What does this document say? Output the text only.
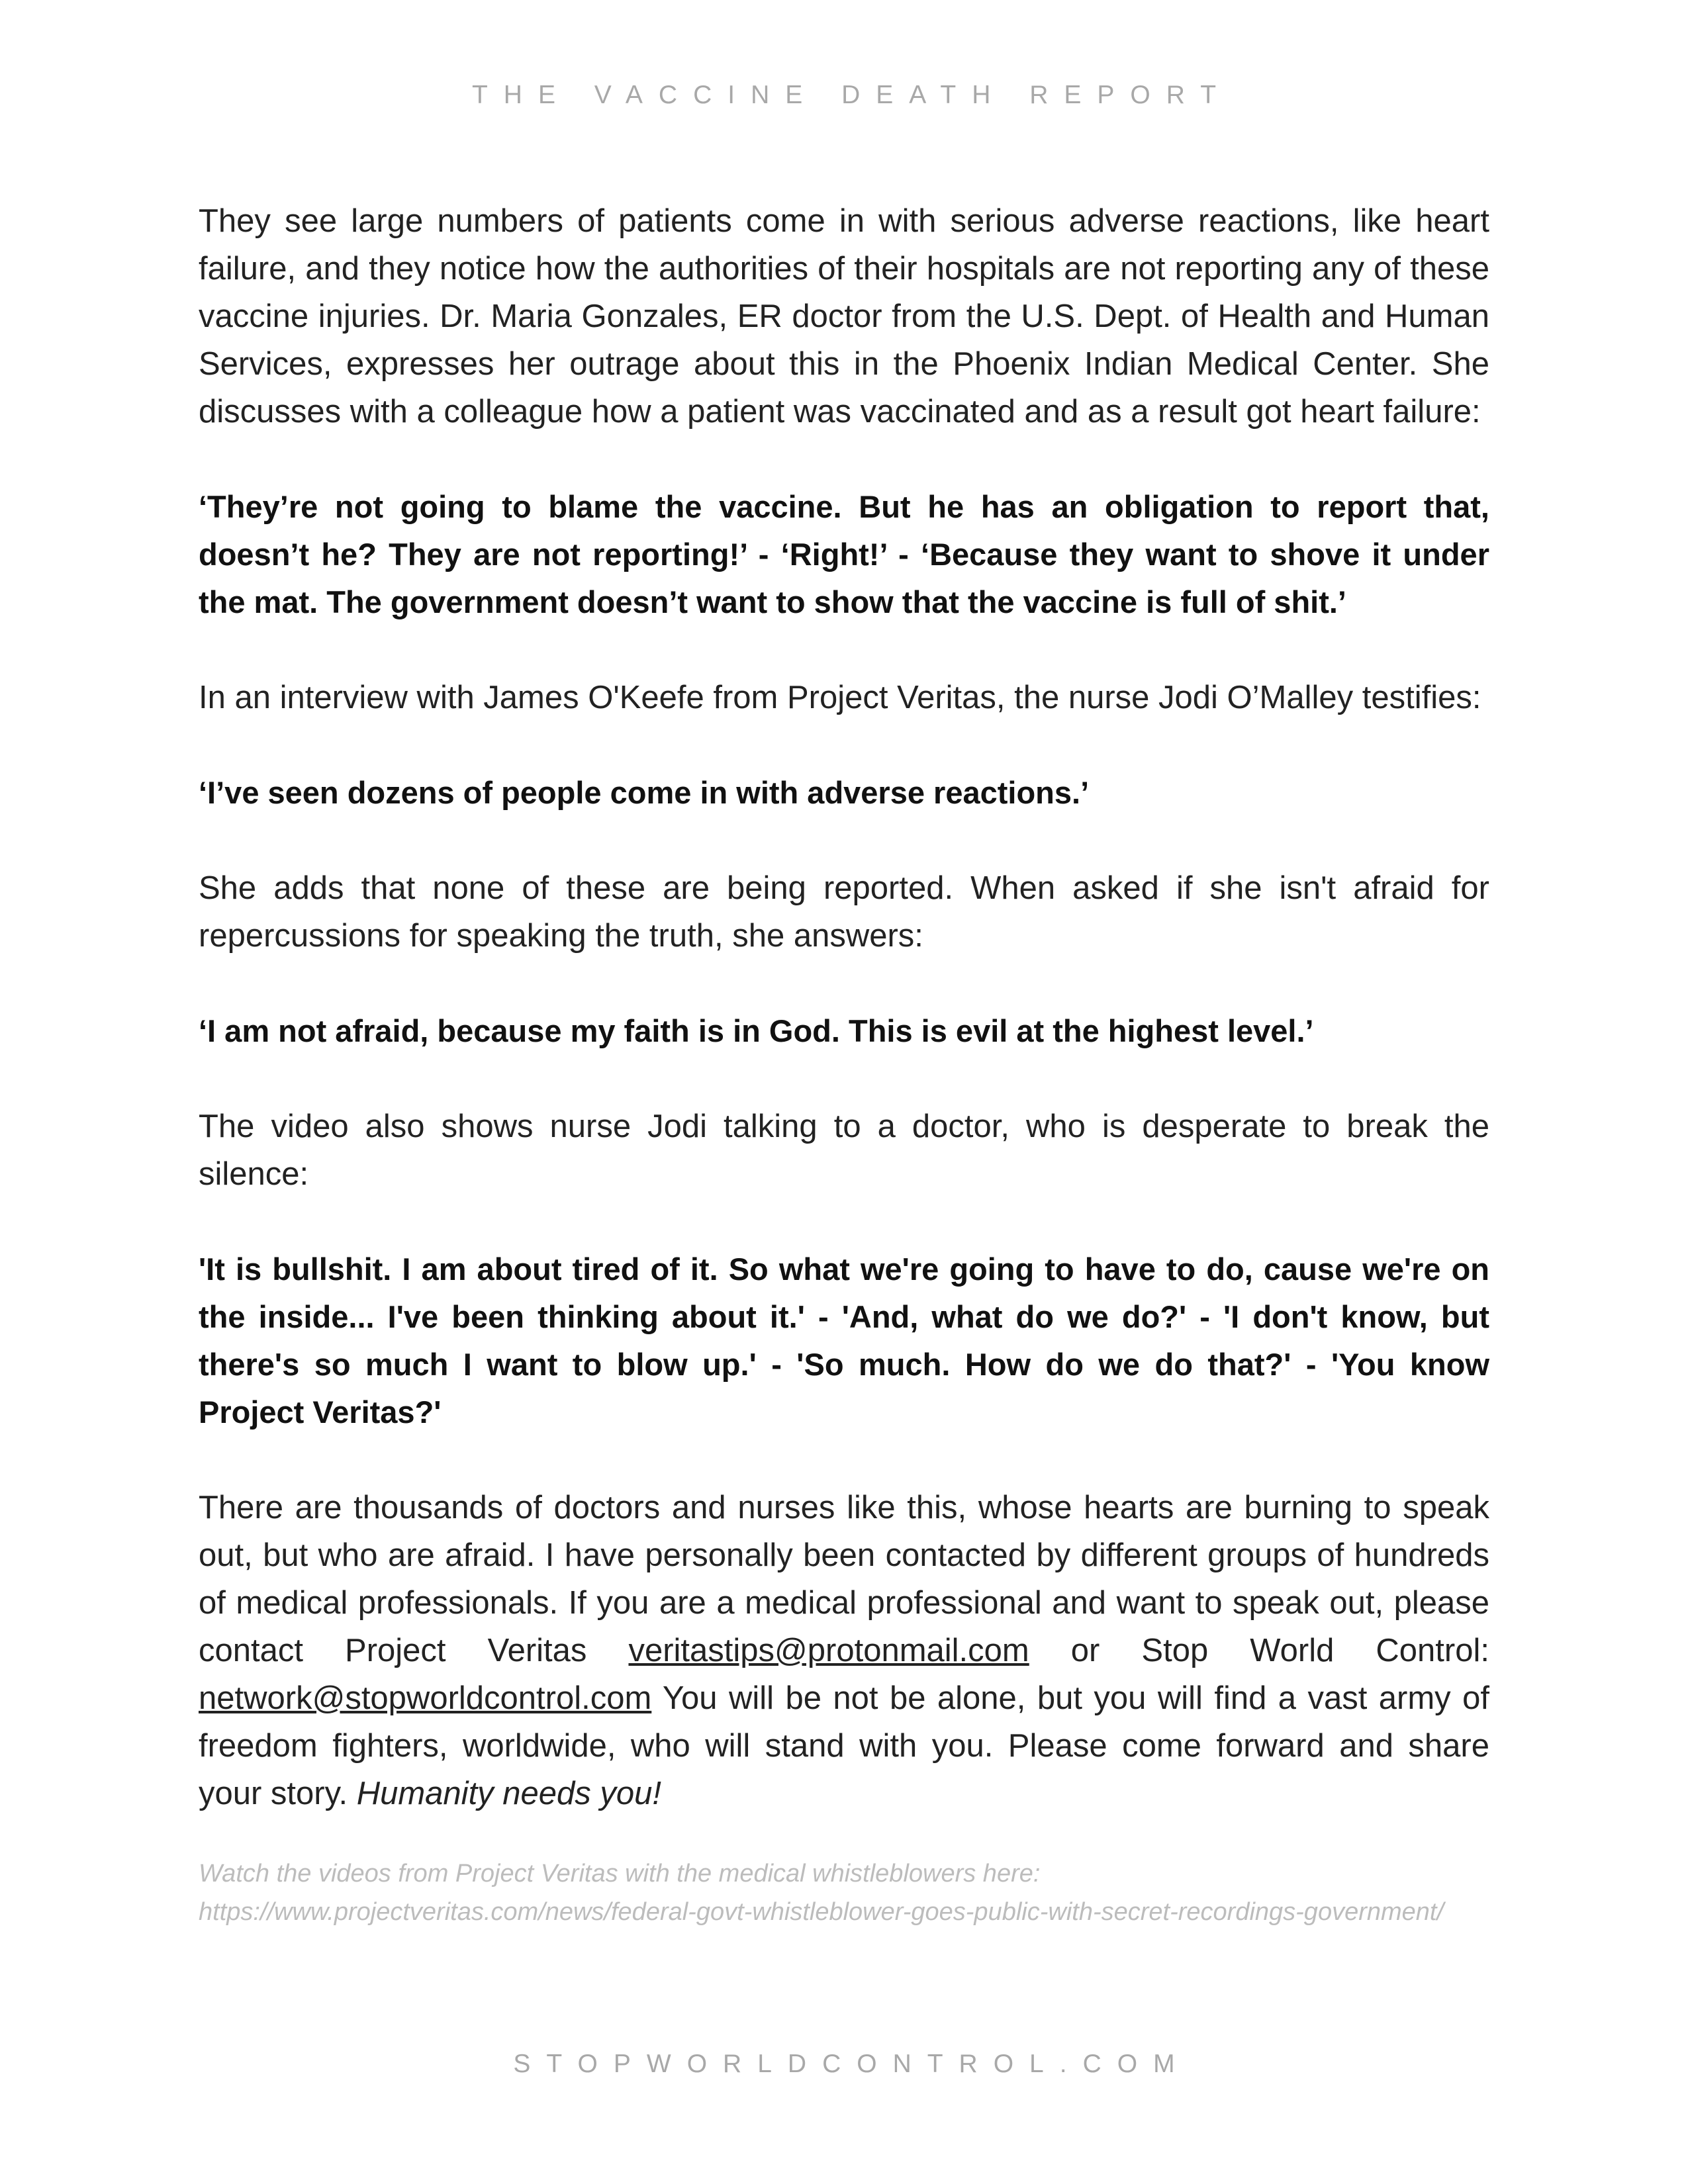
THE VACCINE DEATH REPORT

They see large numbers of patients come in with serious adverse reactions, like heart failure, and they notice how the authorities of their hospitals are not reporting any of these vaccine injuries. Dr. Maria Gonzales, ER doctor from the U.S. Dept. of Health and Human Services, expresses her outrage about this in the Phoenix Indian Medical Center. She discusses with a colleague how a patient was vaccinated and as a result got heart failure:

‘They’re not going to blame the vaccine. But he has an obligation to report that, doesn’t he? They are not reporting!’ - ‘Right!’ - ‘Because they want to shove it under the mat. The government doesn’t want to show that the vaccine is full of shit.’

In an interview with James O'Keefe from Project Veritas, the nurse Jodi O’Malley testifies:

‘I’ve seen dozens of people come in with adverse reactions.’

She adds that none of these are being reported. When asked if she isn't afraid for repercussions for speaking the truth, she answers:

‘I am not afraid, because my faith is in God. This is evil at the highest level.’

The video also shows nurse Jodi talking to a doctor, who is desperate to break the silence:

'It is bullshit. I am about tired of it. So what we're going to have to do, cause we're on the inside... I've been thinking about it.' - 'And, what do we do?' - 'I don't know, but there's so much I want to blow up.' - 'So much. How do we do that?' - 'You know Project Veritas?'

There are thousands of doctors and nurses like this, whose hearts are burning to speak out, but who are afraid. I have personally been contacted by different groups of hundreds of medical professionals. If you are a medical professional and want to speak out, please contact Project Veritas veritastips@protonmail.com or Stop World Control: network@stopworldcontrol.com You will be not be alone, but you will find a vast army of freedom fighters, worldwide, who will stand with you. Please come forward and share your story. Humanity needs you!

Watch the videos from Project Veritas with the medical whistleblowers here:
https://www.projectveritas.com/news/federal-govt-whistleblower-goes-public-with-secret-recordings-government/

STOPWORLDCONTROL.COM
